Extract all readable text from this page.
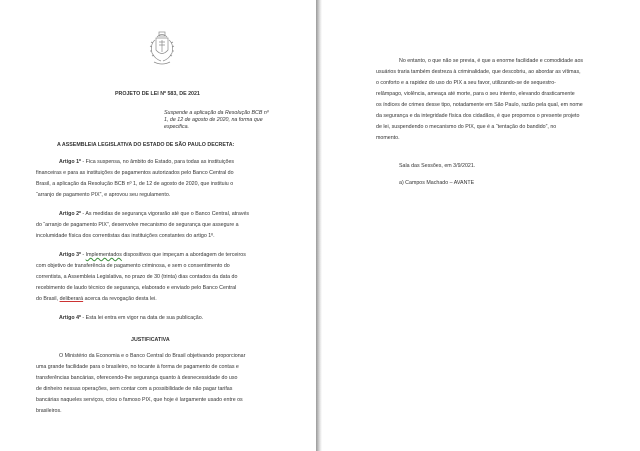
PROJETO DE LEI Nº 583, DE 2021

Suspende a aplicação da Resolução BCB nº

1, de 12 de agosto de 2020, na forma que

especifica.

A ASSEMBLEIA LEGISLATIVA DO ESTADO DE SÃO PAULO DECRETA:

Artigo 1º - Fica suspensa, no âmbito do Estado, para todas as instituições

financeiras e para as instituições de pagamentos autorizados pelo Banco Central do

Brasil, a aplicação da Resolução BCB nº 1, de 12 de agosto de 2020, que instituiu o

“arranjo de pagamento PIX”, e aprovou seu regulamento.

Artigo 2º - As medidas de segurança vigorarão até que o Banco Central, através

do “arranjo de pagamento PIX”, desenvolve mecanismo de segurança que assegure a

incolumidade física dos correntistas das instituições constantes do artigo 1º.

Artigo 3º - Implementados dispositivos que impeçam a abordagem de terceiros

com objetivo de transferência de pagamento criminosa, e sem o consentimento do

correntista, a Assembleia Legislativa, no prazo de 30 (trinta) dias contados da data do

recebimento de laudo técnico de segurança, elaborado e enviado pelo Banco Central

do Brasil, deliberará acerca da revogação desta lei.

Artigo 4º - Esta lei entra em vigor na data de sua publicação.

JUSTIFICATIVA

O Ministério da Economia e o Banco Central do Brasil objetivando proporcionar

uma grande facilidade para o brasileiro, no tocante à forma de pagamento de contas e

transferências bancárias, oferecendo-lhe segurança quanto à desnecessidade do uso

de dinheiro nessas operações, sem contar com a possibilidade de não pagar tarifas

bancárias naqueles serviços, criou o famoso PIX, que hoje é largamente usado entre os

brasileiros.

No entanto, o que não se previa, é que a enorme facilidade e comodidade aos

usuários traria também destreza à criminalidade, que descobriu, ao abordar as vítimas,

o conforto e a rapidez do uso do PIX a seu favor, utilizando-se de sequestro-

relâmpago, violência, ameaça até morte, para o seu intento, elevando drasticamente

os índices de crimes desse tipo, notadamente em São Paulo, razão pela qual, em nome

da segurança e da integridade física dos cidadãos, é que propomos o presente projeto

de lei, suspendendo o mecanismo do PIX, que é a “tentação do bandido”, no

momento.

Sala das Sessões, em 3/9/2021.

a) Campos Machado – AVANTE
